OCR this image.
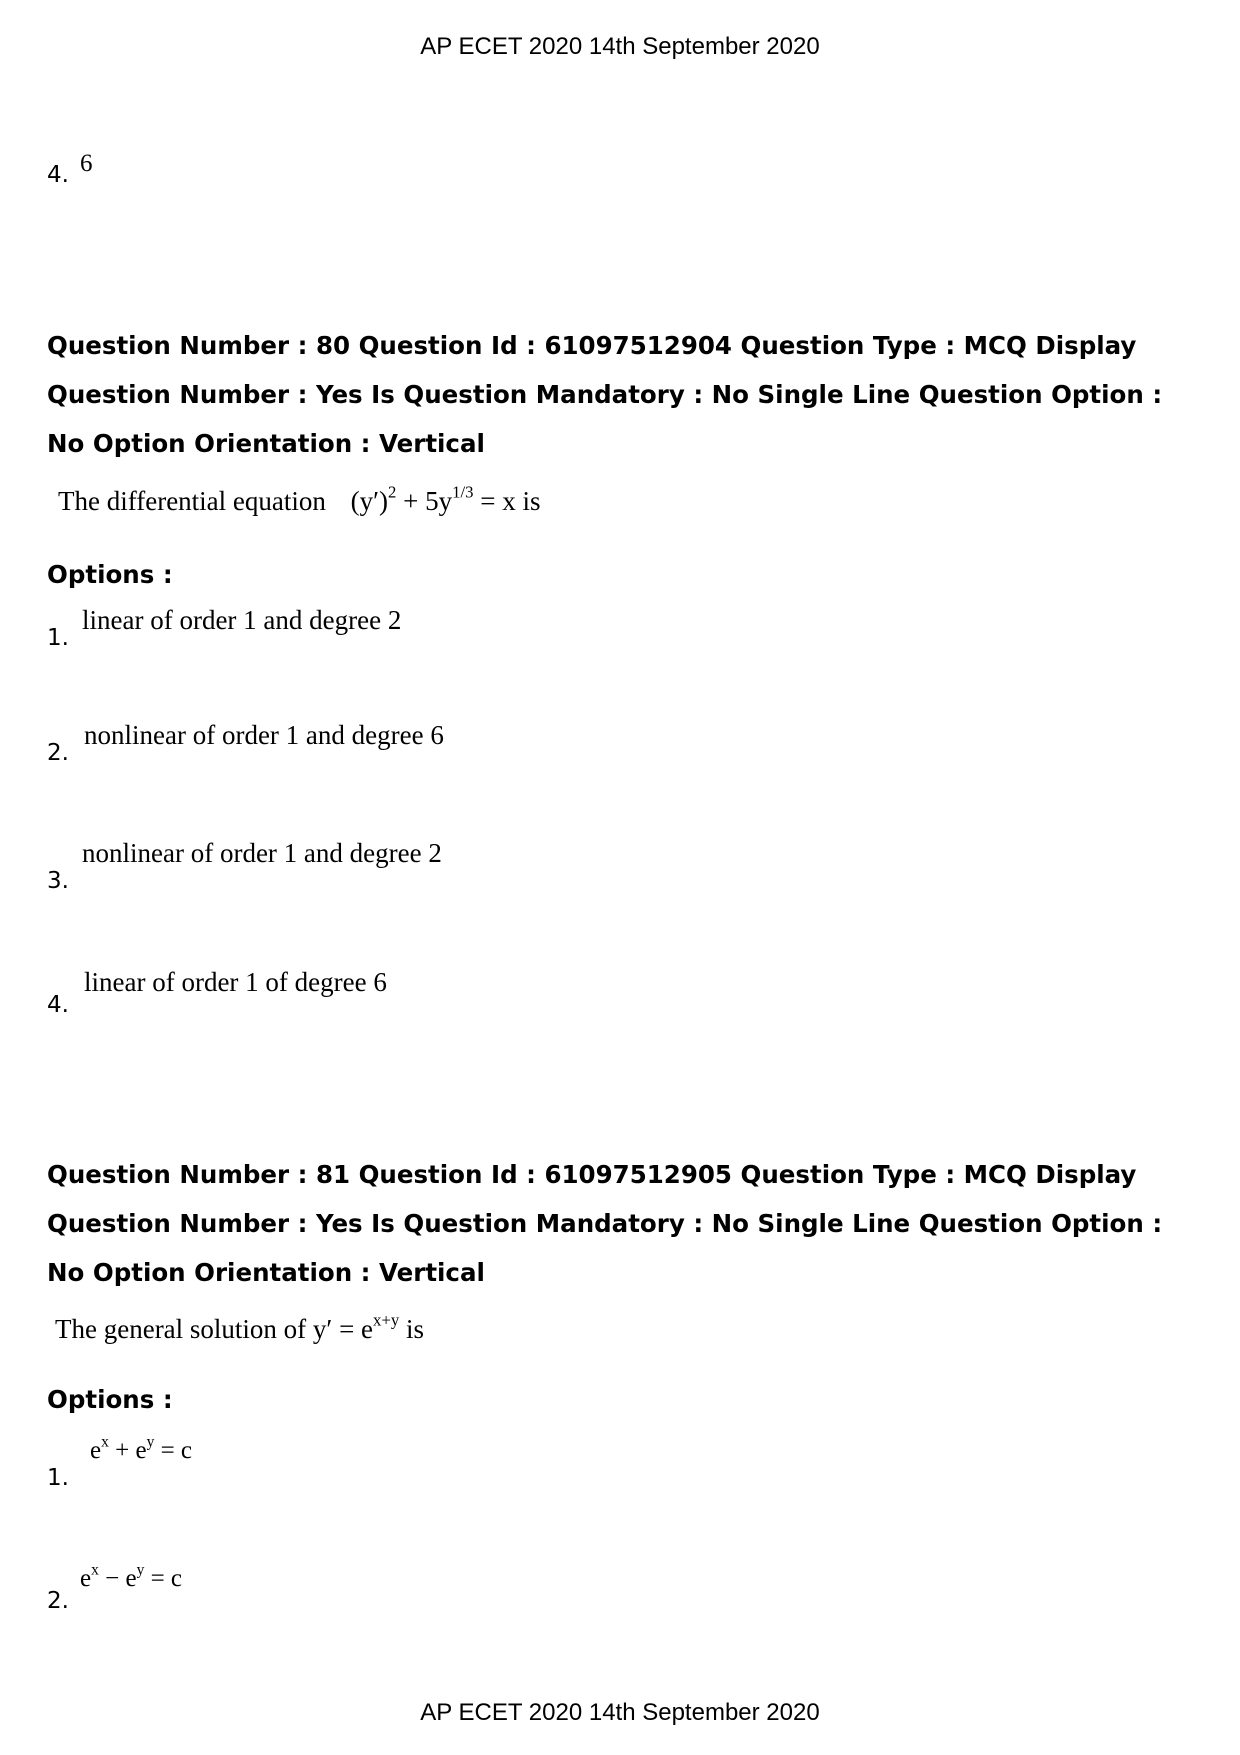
AP ECET 2020 14th September 2020
4. 6
Question Number : 80 Question Id : 61097512904 Question Type : MCQ Display Question Number : Yes Is Question Mandatory : No Single Line Question Option : No Option Orientation : Vertical
The differential equation $(y')^2 + 5y^{1/3} = x$ is
Options :
1.
linear of order 1 and degree 2
2.
nonlinear of order 1 and degree 6
3.
nonlinear of order 1 and degree 2
4.
linear of order 1 of degree 6
Question Number : 81 Question Id : 61097512905 Question Type : MCQ Display Question Number : Yes Is Question Mandatory : No Single Line Question Option : No Option Orientation : Vertical
The general solution of $y' = e^{x+y}$ is
Options :
1.
$e^x + e^y = c$
2.
$e^x - e^y = c$
AP ECET 2020 14th September 2020
